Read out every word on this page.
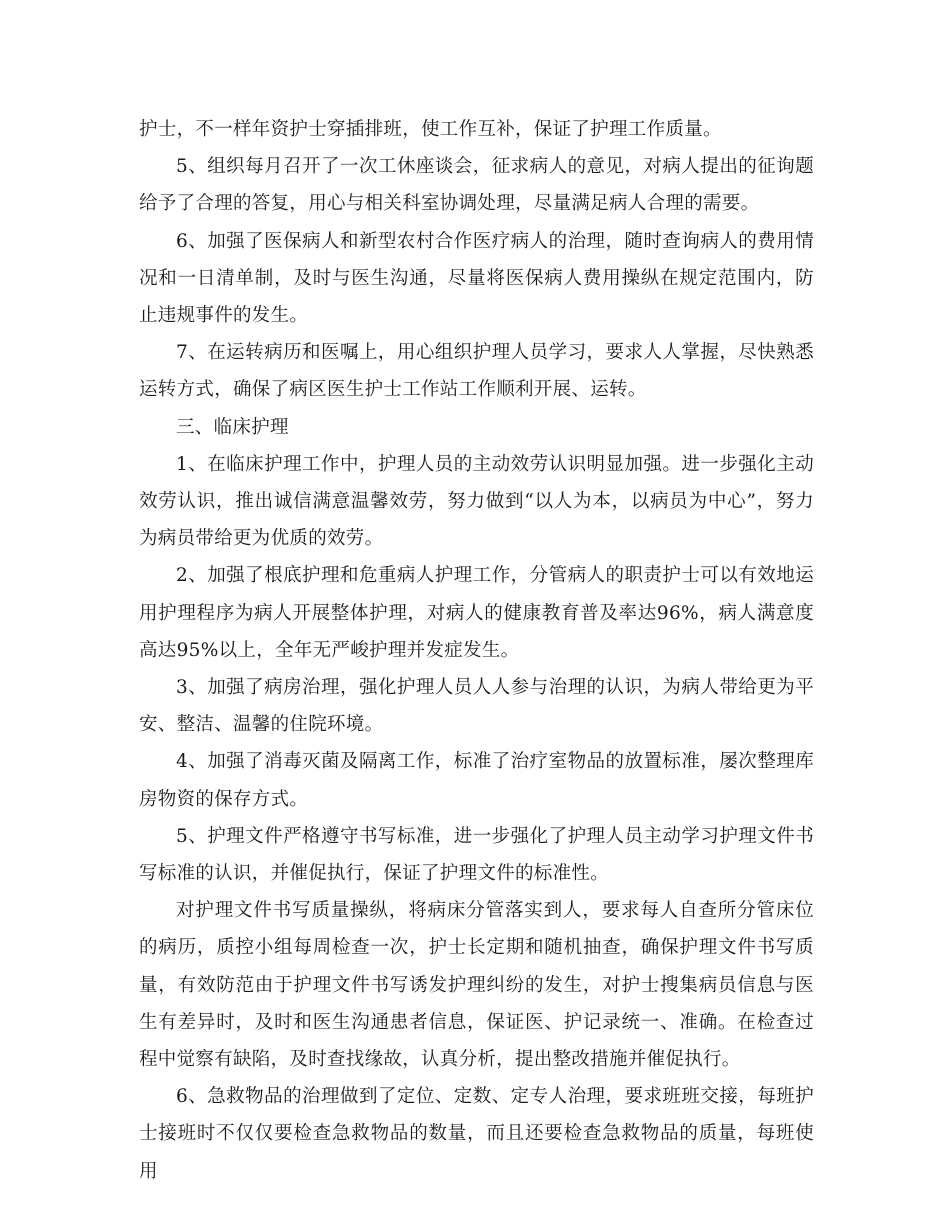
护士，不一样年资护士穿插排班，使工作互补，保证了护理工作质量。

5、组织每月召开了一次工休座谈会，征求病人的意见，对病人提出的征询题给予了合理的答复，用心与相关科室协调处理，尽量满足病人合理的需要。

6、加强了医保病人和新型农村合作医疗病人的治理，随时查询病人的费用情况和一日清单制，及时与医生沟通，尽量将医保病人费用操纵在规定范围内，防止违规事件的发生。

7、在运转病历和医嘱上，用心组织护理人员学习，要求人人掌握，尽快熟悉运转方式，确保了病区医生护士工作站工作顺利开展、运转。

三、临床护理

1、在临床护理工作中，护理人员的主动效劳认识明显加强。进一步强化主动效劳认识，推出诚信满意温馨效劳，努力做到“以人为本，以病员为中心”，努力为病员带给更为优质的效劳。

2、加强了根底护理和危重病人护理工作，分管病人的职责护士可以有效地运用护理程序为病人开展整体护理，对病人的健康教育普及率达96%，病人满意度高达95%以上，全年无严峻护理并发症发生。

3、加强了病房治理，强化护理人员人人参与治理的认识，为病人带给更为平安、整洁、温馨的住院环境。

4、加强了消毒灭菌及隔离工作，标准了治疗室物品的放置标准，屡次整理库房物资的保存方式。

5、护理文件严格遵守书写标准，进一步强化了护理人员主动学习护理文件书写标准的认识，并催促执行，保证了护理文件的标准性。

对护理文件书写质量操纵，将病床分管落实到人，要求每人自查所分管床位的病历，质控小组每周检查一次，护士长定期和随机抽查，确保护理文件书写质量，有效防范由于护理文件书写诱发护理纠纷的发生，对护士搜集病员信息与医生有差异时，及时和医生沟通患者信息，保证医、护记录统一、准确。在检查过程中觉察有缺陷，及时查找缘故，认真分析，提出整改措施并催促执行。

6、急救物品的治理做到了定位、定数、定专人治理，要求班班交接，每班护士接班时不仅仅要检查急救物品的数量，而且还要检查急救物品的质量，每班使用
